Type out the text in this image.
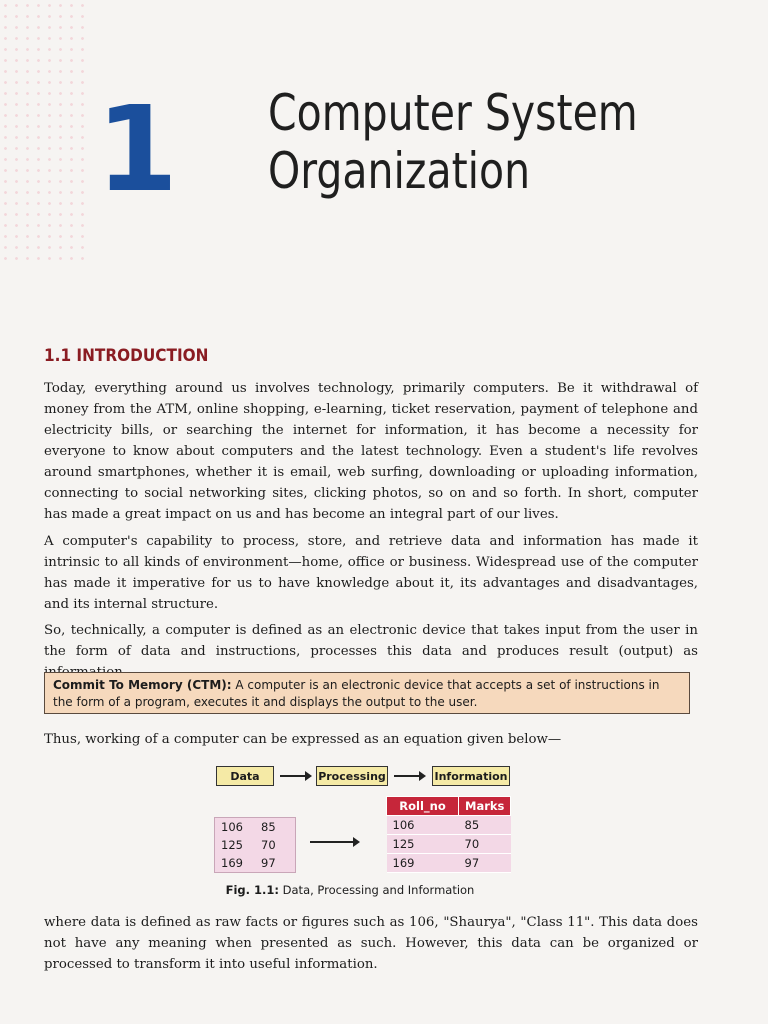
1 Computer System
Organization
1.1 INTRODUCTION

Today, everything around us involves technology, primarily computers. Be it withdrawal of money from the ATM, online shopping, e-learning, ticket reservation, payment of telephone and electricity bills, or searching the internet for information, it has become a necessity for everyone to know about computers and the latest technology. Even a student's life revolves around smartphones, whether it is email, web surfing, downloading or uploading information, connecting to social networking sites, clicking photos, so on and so forth. In short, computer has made a great impact on us and has become an integral part of our lives.

A computer's capability to process, store, and retrieve data and information has made it intrinsic to all kinds of environment—home, office or business. Widespread use of the computer has made it imperative for us to have knowledge about it, its advantages and disadvantages, and its internal structure.

So, technically, a computer is defined as an electronic device that takes input from the user in the form of data and instructions, processes this data and produces result (output) as

Commit To Memory (CTM): A computer is an electronic device that accepts a set of instructions in the form of a program, executes it and displays the output to the user.
Thus, working of a computer can be expressed as an equation given below—
Data	Processing	Information
106	85
125	70
169	97
Roll_no	Marks
106	85
125	70
169	97
Fig. 1.1: Data, Processing and Information

where data is defined as raw facts or figures such as 106, "Shaurya", "Class 11". This data does not have any meaning when presented as such. However, this data can be organized or processed to transform it into useful information.
